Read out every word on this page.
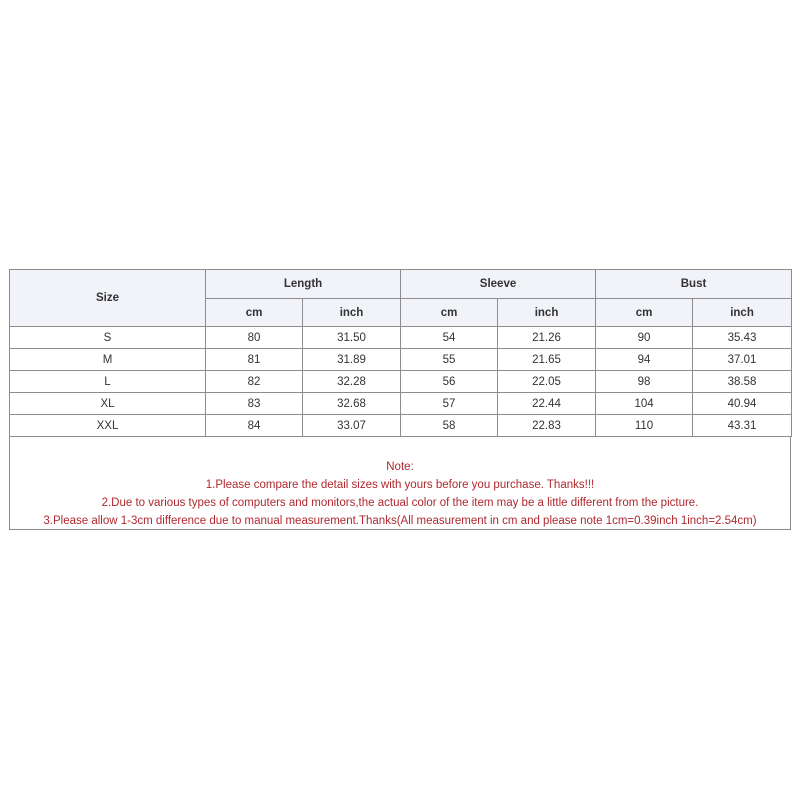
Size	Length		Sleeve		Bust	
	cm	inch	cm	inch	cm	inch
S	80	31.50	54	21.26	90	35.43
M	81	31.89	55	21.65	94	37.01
L	82	32.28	56	22.05	98	38.58
XL	83	32.68	57	22.44	104	40.94
XXL	84	33.07	58	22.83	110	43.31
Note:
1.Please compare the detail sizes with yours before you purchase. Thanks!!!
2.Due to various types of computers and monitors,the actual color of the item may be a little different from the picture.
3.Please allow 1-3cm difference due to manual measurement.Thanks(All measurement in cm and please note 1cm=0.39inch 1inch=2.54cm)
